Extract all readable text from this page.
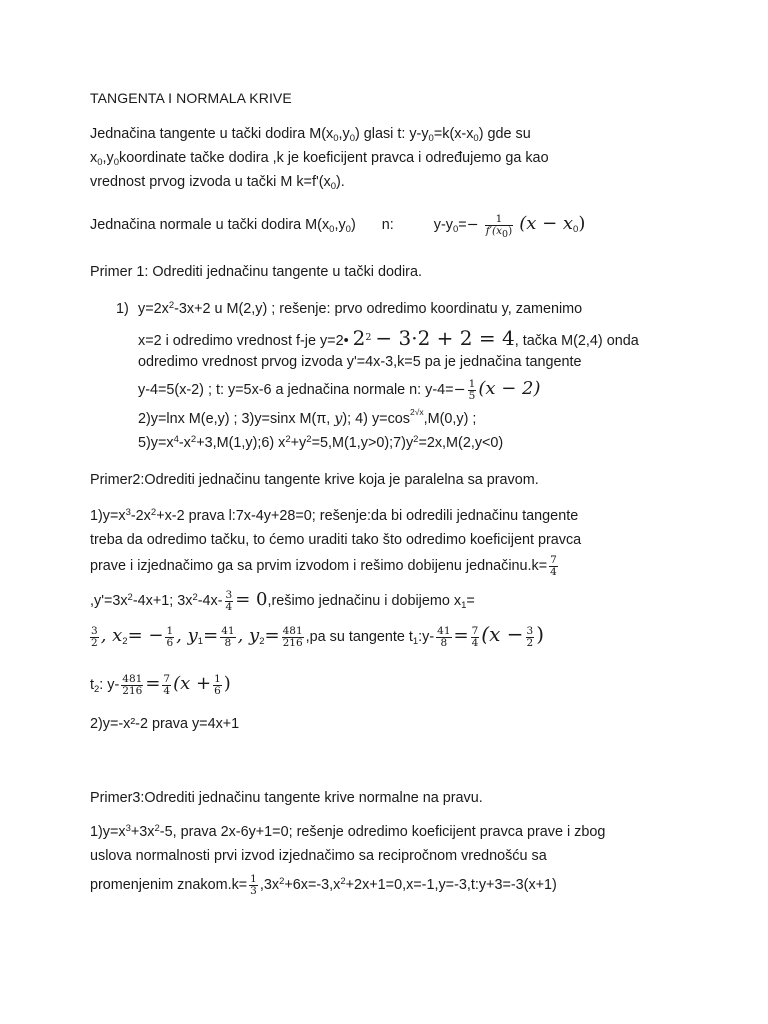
TANGENTA I NORMALA KRIVE
Jednačina tangente u tački dodira $M(x_0,y_0)$ glasi t: $y-y_0=k(x-x_0)$ gde su
$x_0,y_0koordinate$ tačke dodira ,k je koeficijent pravca i određujemo ga kao
vrednost prvog izvoda u tački M $k=f'(x_0)$.
Jednačina normale u tački dodira $M(x_0,y_0)$ n:	$y-y_0=- \frac{1}{f'(x_0)} (x - x_0)$
Primer 1: Odrediti jednačinu tangente u tački dodira.
1) $y=2x^2-3x+2$ u M(2,y) ; rešenje: prvo odredimo koordinatu y, zamenimo
x=2 i odredimo vrednost f-je y=2• $2^2 - 3\cdot 2 + 2 = 4$, tačka M(2,4) onda
odredimo vrednost prvog izvoda y'=4x-3,k=5 pa je jednačina tangente
y-4=5(x-2) ; t: y=5x-6 a jednačina normale n: $y-4=- \frac{1}{5} (x - 2)$
2)y=lnx M(e,y) ; 3)y=sinx M(π, y); 4) $y=\cos^{2√x},M(0,y)$ ;
$5)y=x^4-x^2+3,M(1,y);6$) $x^2+y^2=5,M(1,y>0);7)y^2=2x,M(2,y<0)$
Primer2:Odrediti jednačinu tangente krive koja je paralelna sa pravom.
$1)y=x^3-2x^2+x-2$ prava l:7x-4y+28=0; rešenje:da bi odredili jednačinu tangente
treba da odredimo tačku, to ćemo uraditi tako što odredimo koeficijent pravca
prave i izjednačimo ga sa prvim izvodom i rešimo dobijenu jednačinu.k= $\frac{7}{4}$
$,y'=3x^2-4x+1$; $3x^2-4x- \frac{3}{4}$ = 0,rešimo jednačinu i dobijemo $x_1=$
$\frac{3}{2}$ , $x_2= - \frac{1}{6}$ , $y_1= \frac{41}{8}$ , $y_2= \frac{481}{216} ,pa$ su tangente $t_1:y- \frac{41}{8} = \frac{7}{4} (x - \frac{3}{2}$ )
$t_2$: $y- \frac{481}{216} = \frac{7}{4} (x + \frac{1}{6}$ )
2)y=-x²-2 prava y=4x+1
Primer3:Odrediti jednačinu tangente krive normalne na pravu.
$1)y=x^3+3x^2-5$, prava 2x-6y+1=0; rešenje odredimo koeficijent pravca prave i zbog
uslova normalnosti prvi izvod izjednačimo sa recipročnom vrednošću sa
promenjenim znakom.k= $\frac{1}{3}$ $,3x^2+6x=-3,x^2+2x+1=0,x=-1,y=-3,t:y+3=-3(x+1)$
